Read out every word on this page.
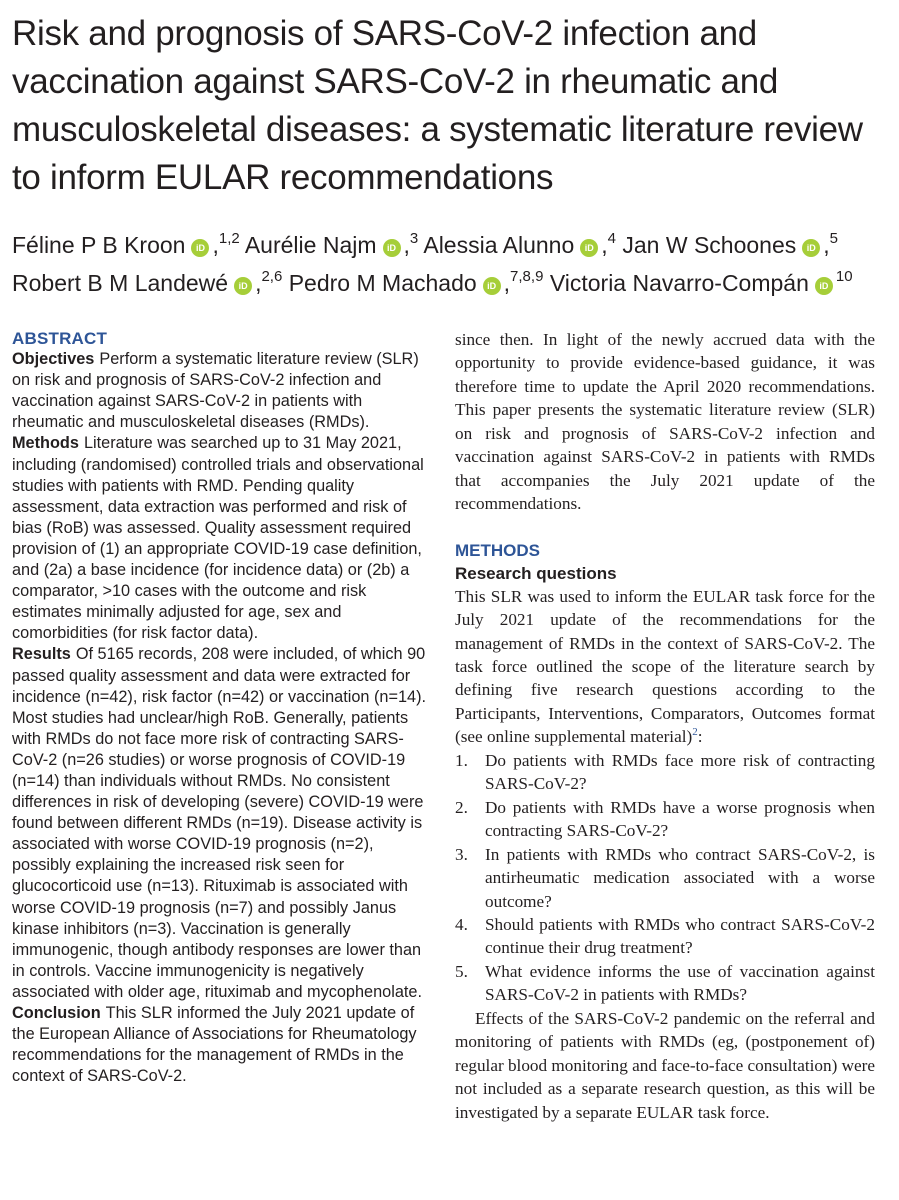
Risk and prognosis of SARS-CoV-2 infection and vaccination against SARS-CoV-2 in rheumatic and musculoskeletal diseases: a systematic literature review to inform EULAR recommendations
Féline P B Kroon iD ,$^{1,2}$ Aurélie Najm iD ,$^3$ Alessia Alunno iD ,$^4$ Jan W Schoones iD ,$^5$
Robert B M Landewé iD ,$^{2,6}$ Pedro M Machado iD ,$^{7,8,9}$ Victoria Navarro-Compán iD$^{10}$
ABSTRACT

Objectives Perform a systematic literature review (SLR) on risk and prognosis of SARS-CoV-2 infection and vaccination against SARS-CoV-2 in patients with rheumatic and musculoskeletal diseases (RMDs).

Methods Literature was searched up to 31 May 2021, including (randomised) controlled trials and observational studies with patients with RMD. Pending quality assessment, data extraction was performed and risk of bias (RoB) was assessed. Quality assessment required provision of (1) an appropriate COVID-19 case definition, and (2a) a base incidence (for incidence data) or (2b) a comparator, >10 cases with the outcome and risk estimates minimally adjusted for age, sex and comorbidities (for risk factor data).

Results Of 5165 records, 208 were included, of which 90 passed quality assessment and data were extracted for incidence (n=42), risk factor (n=42) or vaccination (n=14). Most studies had unclear/high RoB. Generally, patients with RMDs do not face more risk of contracting SARS-CoV-2 (n=26 studies) or worse prognosis of COVID-19 (n=14) than individuals without RMDs. No consistent differences in risk of developing (severe) COVID-19 were found between different RMDs (n=19). Disease activity is associated with worse COVID-19 prognosis (n=2), possibly explaining the increased risk seen for glucocorticoid use (n=13). Rituximab is associated with worse COVID-19 prognosis (n=7) and possibly Janus kinase inhibitors (n=3). Vaccination is generally immunogenic, though antibody responses are lower than in controls. Vaccine immunogenicity is negatively associated with older age, rituximab and mycophenolate.

Conclusion This SLR informed the July 2021 update of the European Alliance of Associations for Rheumatology recommendations for the management of RMDs in the context of SARS-CoV-2.

since then. In light of the newly accrued data with the opportunity to provide evidence-based guidance, it was therefore time to update the April 2020 recommendations. This paper presents the systematic literature review (SLR) on risk and prognosis of SARS-CoV-2 infection and vaccination against SARS-CoV-2 in patients with RMDs that accompanies the July 2021 update of the recommendations.

METHODS
Research questions

This SLR was used to inform the EULAR task force for the July 2021 update of the recommendations for the management of RMDs in the context of SARS-CoV-2. The task force outlined the scope of the literature search by defining five research questions according to the Participants, Interventions, Comparators, Outcomes format (see online supplemental material)$^2$:

1. Do patients with RMDs face more risk of contracting SARS-CoV-2?
2. Do patients with RMDs have a worse prognosis when contracting SARS-CoV-2?
3. In patients with RMDs who contract SARS-CoV-2, is antirheumatic medication associated with a worse outcome?
4. Should patients with RMDs who contract SARS-CoV-2 continue their drug treatment?
5. What evidence informs the use of vaccination against SARS-CoV-2 in patients with RMDs?

Effects of the SARS-CoV-2 pandemic on the referral and monitoring of patients with RMDs (eg, (postponement of) regular blood monitoring and face-to-face consultation) were not included as a separate research question, as this will be investigated by a separate EULAR task force.
